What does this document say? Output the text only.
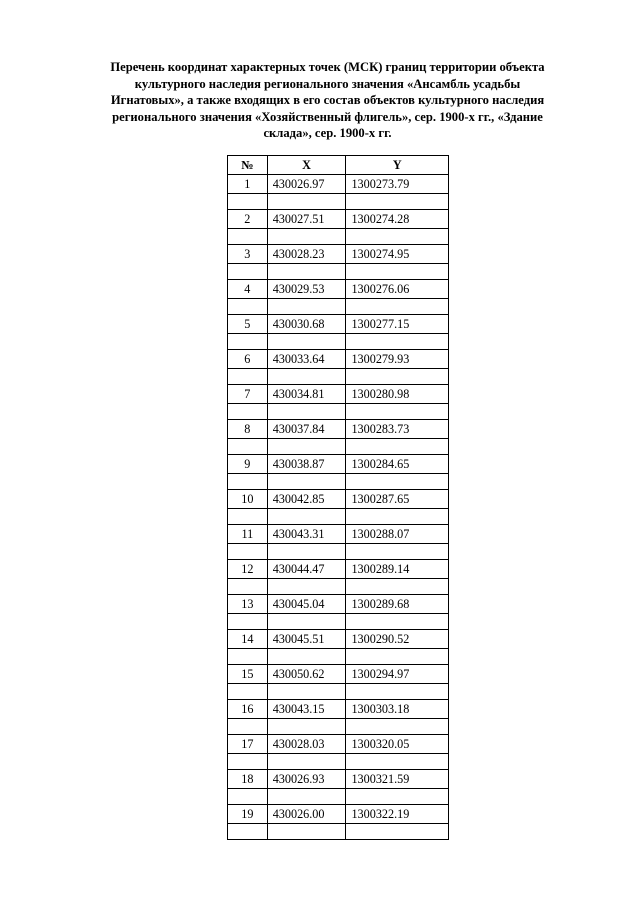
Перечень координат характерных точек (МСК) границ территории объекта
культурного наследия регионального значения «Ансамбль усадьбы
Игнатовых», а также входящих в его состав объектов культурного наследия
регионального значения «Хозяйственный флигель», сер. 1900-х гг., «Здание
склада», сер. 1900-х гг.
№	X	Y
1	430026.97	1300273.79

2	430027.51	1300274.28

3	430028.23	1300274.95

4	430029.53	1300276.06

5	430030.68	1300277.15

6	430033.64	1300279.93

7	430034.81	1300280.98

8	430037.84	1300283.73

9	430038.87	1300284.65

10	430042.85	1300287.65

11	430043.31	1300288.07

12	430044.47	1300289.14

13	430045.04	1300289.68

14	430045.51	1300290.52

15	430050.62	1300294.97

16	430043.15	1300303.18

17	430028.03	1300320.05

18	430026.93	1300321.59

19	430026.00	1300322.19
